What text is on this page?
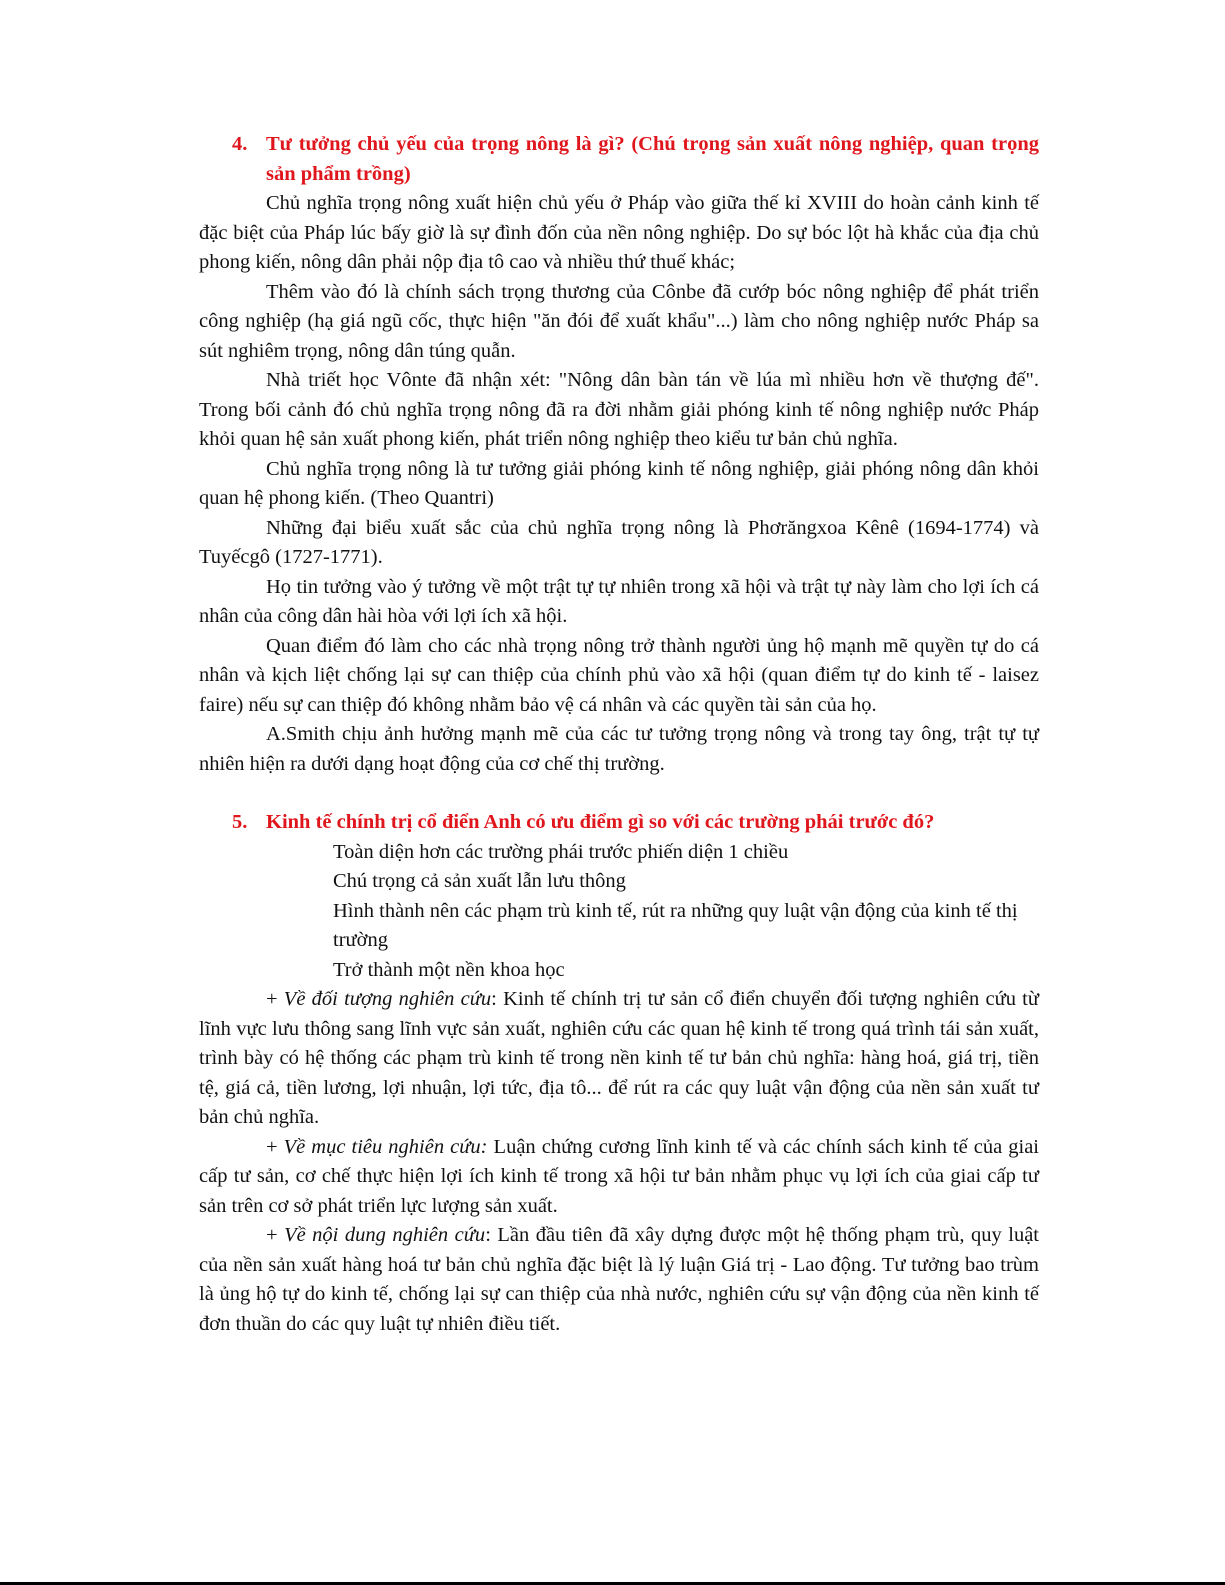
4. Tư tưởng chủ yếu của trọng nông là gì? (Chú trọng sản xuất nông nghiệp, quan trọng sản phẩm trồng)

Chủ nghĩa trọng nông xuất hiện chủ yếu ở Pháp vào giữa thế kỉ XVIII do hoàn cảnh kinh tế đặc biệt của Pháp lúc bấy giờ là sự đình đốn của nền nông nghiệp. Do sự bóc lột hà khắc của địa chủ phong kiến, nông dân phải nộp địa tô cao và nhiều thứ thuế khác;

Thêm vào đó là chính sách trọng thương của Cônbe đã cướp bóc nông nghiệp để phát triển công nghiệp (hạ giá ngũ cốc, thực hiện "ăn đói để xuất khẩu"...) làm cho nông nghiệp nước Pháp sa sút nghiêm trọng, nông dân túng quẫn.

Nhà triết học Vônte đã nhận xét: "Nông dân bàn tán về lúa mì nhiều hơn về thượng đế". Trong bối cảnh đó chủ nghĩa trọng nông đã ra đời nhằm giải phóng kinh tế nông nghiệp nước Pháp khỏi quan hệ sản xuất phong kiến, phát triển nông nghiệp theo kiểu tư bản chủ nghĩa.

Chủ nghĩa trọng nông là tư tưởng giải phóng kinh tế nông nghiệp, giải phóng nông dân khỏi quan hệ phong kiến. (Theo Quantri)

Những đại biểu xuất sắc của chủ nghĩa trọng nông là Phơrăngxoa Kênê (1694-1774) và Tuyếcgô (1727-1771).

Họ tin tưởng vào ý tưởng về một trật tự tự nhiên trong xã hội và trật tự này làm cho lợi ích cá nhân của công dân hài hòa với lợi ích xã hội.

Quan điểm đó làm cho các nhà trọng nông trở thành người ủng hộ mạnh mẽ quyền tự do cá nhân và kịch liệt chống lại sự can thiệp của chính phủ vào xã hội (quan điểm tự do kinh tế - laisez faire) nếu sự can thiệp đó không nhằm bảo vệ cá nhân và các quyền tài sản của họ.

A.Smith chịu ảnh hưởng mạnh mẽ của các tư tưởng trọng nông và trong tay ông, trật tự tự nhiên hiện ra dưới dạng hoạt động của cơ chế thị trường.

5. Kinh tế chính trị cổ điển Anh có ưu điểm gì so với các trường phái trước đó?

Toàn diện hơn các trường phái trước phiến diện 1 chiều

Chú trọng cả sản xuất lẫn lưu thông

Hình thành nên các phạm trù kinh tế, rút ra những quy luật vận động của kinh tế thị trường

Trở thành một nền khoa học

+ Về đối tượng nghiên cứu: Kinh tế chính trị tư sản cổ điển chuyển đối tượng nghiên cứu từ lĩnh vực lưu thông sang lĩnh vực sản xuất, nghiên cứu các quan hệ kinh tế trong quá trình tái sản xuất, trình bày có hệ thống các phạm trù kinh tế trong nền kinh tế tư bản chủ nghĩa: hàng hoá, giá trị, tiền tệ, giá cả, tiền lương, lợi nhuận, lợi tức, địa tô... để rút ra các quy luật vận động của nền sản xuất tư bản chủ nghĩa.

+ Về mục tiêu nghiên cứu: Luận chứng cương lĩnh kinh tế và các chính sách kinh tế của giai cấp tư sản, cơ chế thực hiện lợi ích kinh tế trong xã hội tư bản nhằm phục vụ lợi ích của giai cấp tư sản trên cơ sở phát triển lực lượng sản xuất.

+ Về nội dung nghiên cứu: Lần đầu tiên đã xây dựng được một hệ thống phạm trù, quy luật của nền sản xuất hàng hoá tư bản chủ nghĩa đặc biệt là lý luận Giá trị - Lao động. Tư tưởng bao trùm là ủng hộ tự do kinh tế, chống lại sự can thiệp của nhà nước, nghiên cứu sự vận động của nền kinh tế đơn thuần do các quy luật tự nhiên điều tiết.
